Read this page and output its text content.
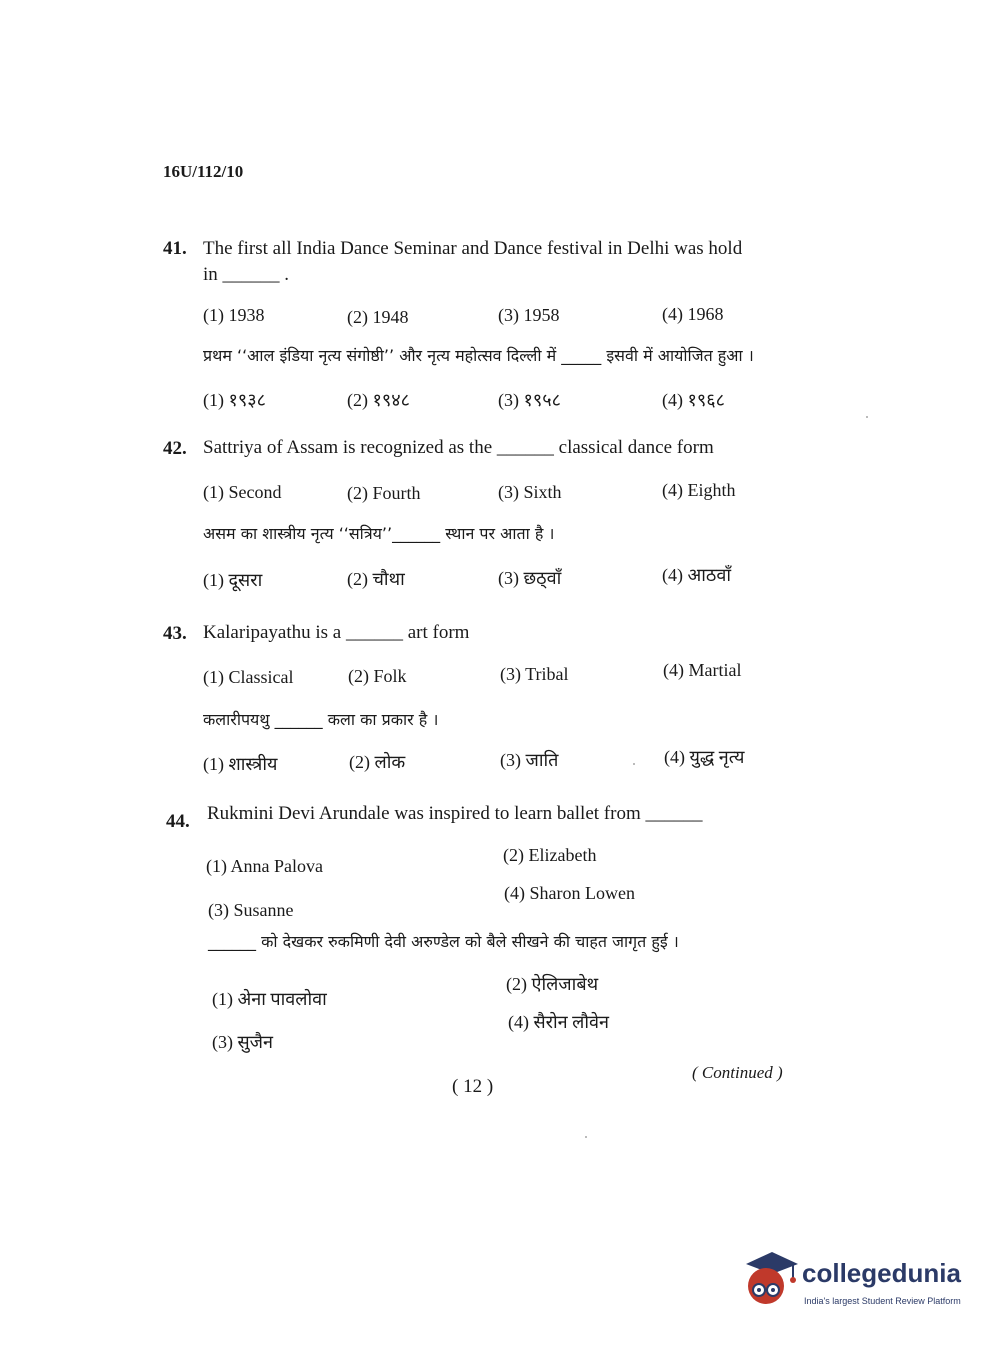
16U/112/10
41. The first all India Dance Seminar and Dance festival in Delhi was hold
in ______ .
(1) 1938	(2) 1948	(3) 1958	(4) 1968
प्रथम ‘‘आल इंडिया नृत्य संगोष्ठी’’ और नृत्य महोत्सव दिल्ली में _____ इसवी में आयोजित हुआ ।
(1) १९३८	(2) १९४८	(3) १९५८	(4) १९६८
42. Sattriya of Assam is recognized as the ______ classical dance form
(1) Second	(2) Fourth	(3) Sixth	(4) Eighth
असम का शास्त्रीय नृत्य ‘‘सत्रिय’’______ स्थान पर आता है ।
(1) दूसरा	(2) चौथा	(3) छठ्वाँ	(4) आठवाँ
43. Kalaripayathu is a ______ art form
(1) Classical	(2) Folk	(3) Tribal	(4) Martial
कलारीपयथु ______ कला का प्रकार है ।
(1) शास्त्रीय	(2) लोक	(3) जाति	(4) युद्ध नृत्य
44. Rukmini Devi Arundale was inspired to learn ballet from ______
(1) Anna Palova
(2) Elizabeth
(3) Susanne
(4) Sharon Lowen
______ को देखकर रुकमिणी देवी अरुण्डेल को बैले सीखने की चाहत जागृत हुई ।
(1) अेना पावलोवा
(2) ऐलिजाबेथ
(3) सुजैन
(4) सैरोन लौवेन
( 12 )
( Continued )
collegedunia
India's largest Student Review Platform
